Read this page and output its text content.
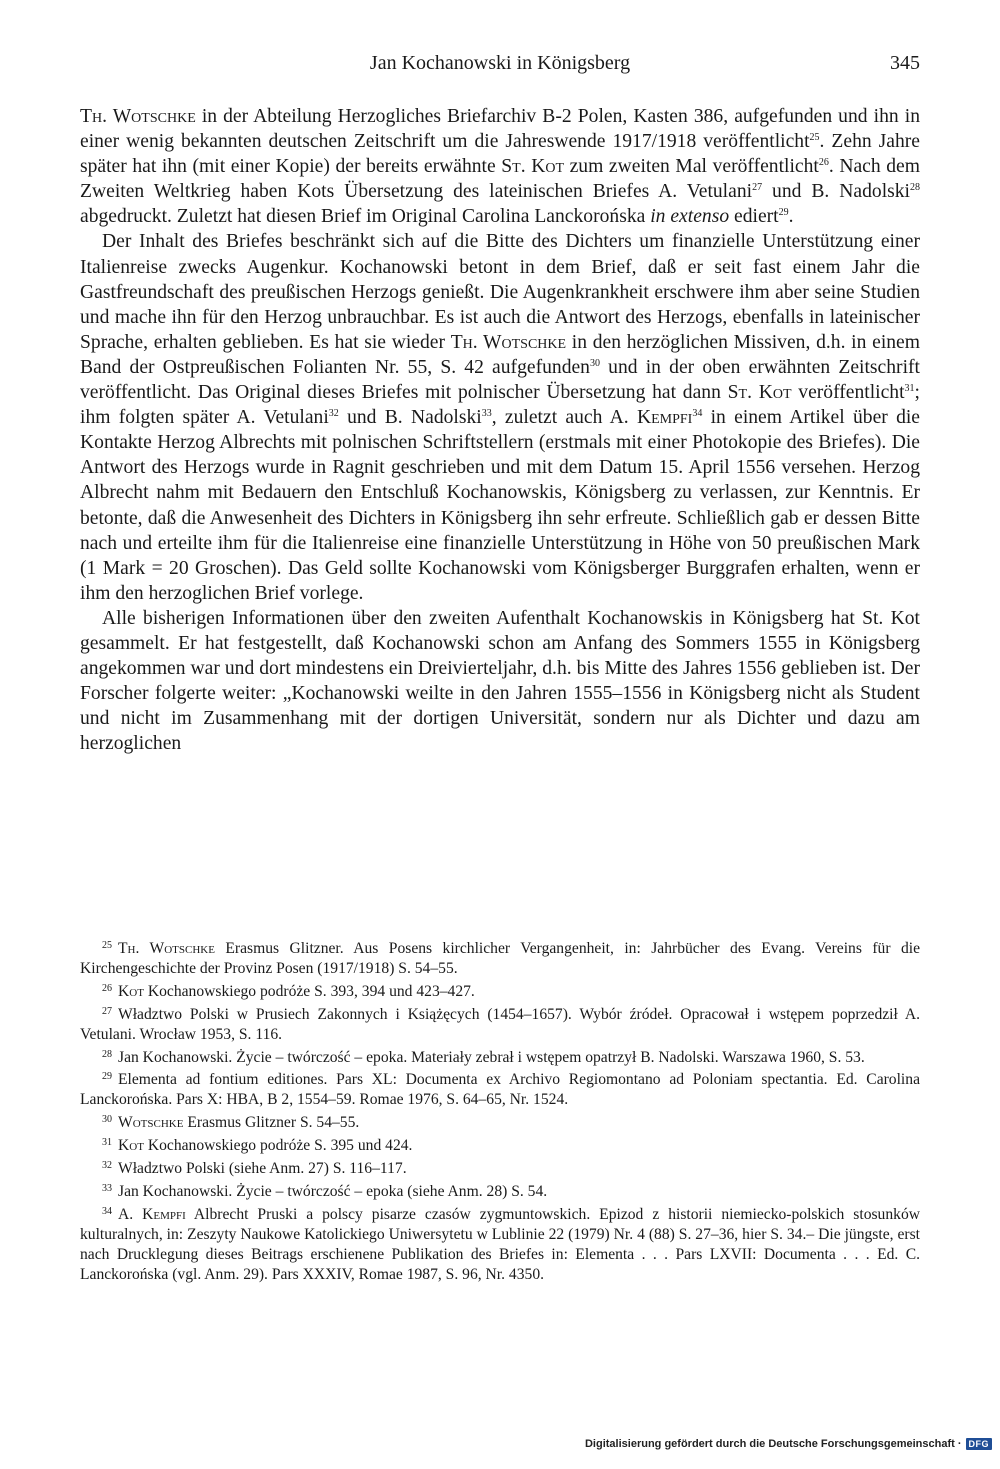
Jan Kochanowski in Königsberg	345

Th. Wotschke in der Abteilung Herzogliches Briefarchiv B-2 Polen, Kasten 386, aufgefunden und ihn in einer wenig bekannten deutschen Zeitschrift um die Jahreswende 1917/1918 veröffentlicht$^{25}$. Zehn Jahre später hat ihn (mit einer Kopie) der bereits erwähnte St. Kot zum zweiten Mal veröffentlicht$^{26}$. Nach dem Zweiten Weltkrieg haben Kots Übersetzung des lateinischen Briefes A. Vetulani$^{27}$ und B. Nadolski$^{28}$ abgedruckt. Zuletzt hat diesen Brief im Original Carolina Lanckorońska in extenso ediert$^{29}$.

Der Inhalt des Briefes beschränkt sich auf die Bitte des Dichters um finanzielle Unterstützung einer Italienreise zwecks Augenkur. Kochanowski betont in dem Brief, daß er seit fast einem Jahr die Gastfreundschaft des preußischen Herzogs genießt. Die Augenkrankheit erschwere ihm aber seine Studien und mache ihn für den Herzog unbrauchbar. Es ist auch die Antwort des Herzogs, ebenfalls in lateinischer Sprache, erhalten geblieben. Es hat sie wieder Th. Wotschke in den herzöglichen Missiven, d.h. in einem Band der Ostpreußischen Folianten Nr. 55, S. 42 aufgefunden$^{30}$ und in der oben erwähnten Zeitschrift veröffentlicht. Das Original dieses Briefes mit polnischer Übersetzung hat dann St. Kot veröffentlicht$^{31}$; ihm folgten später A. Vetulani$^{32}$ und B. Nadolski$^{33}$, zuletzt auch A. Kempfi$^{34}$ in einem Artikel über die Kontakte Herzog Albrechts mit polnischen Schriftstellern (erstmals mit einer Photokopie des Briefes). Die Antwort des Herzogs wurde in Ragnit geschrieben und mit dem Datum 15. April 1556 versehen. Herzog Albrecht nahm mit Bedauern den Entschluß Kochanowskis, Königsberg zu verlassen, zur Kenntnis. Er betonte, daß die Anwesenheit des Dichters in Königsberg ihn sehr erfreute. Schließlich gab er dessen Bitte nach und erteilte ihm für die Italienreise eine finanzielle Unterstützung in Höhe von 50 preußischen Mark (1 Mark = 20 Groschen). Das Geld sollte Kochanowski vom Königsberger Burggrafen erhalten, wenn er ihm den herzoglichen Brief vorlege.

Alle bisherigen Informationen über den zweiten Aufenthalt Kochanowskis in Königsberg hat St. Kot gesammelt. Er hat festgestellt, daß Kochanowski schon am Anfang des Sommers 1555 in Königsberg angekommen war und dort mindestens ein Dreivierteljahr, d.h. bis Mitte des Jahres 1556 geblieben ist. Der Forscher folgerte weiter: „Kochanowski weilte in den Jahren 1555–1556 in Königsberg nicht als Student und nicht im Zusammenhang mit der dortigen Universität, sondern nur als Dichter und dazu am herzoglichen

$^{25}$ Th. Wotschke Erasmus Glitzner. Aus Posens kirchlicher Vergangenheit, in: Jahrbücher des Evang. Vereins für die Kirchengeschichte der Provinz Posen (1917/1918) S. 54–55.

$^{26}$ Kot Kochanowskiego podróże S. 393, 394 und 423–427.

$^{27}$ Władztwo Polski w Prusiech Zakonnych i Książęcych (1454–1657). Wybór źródeł. Opracował i wstępem poprzedził A. Vetulani. Wrocław 1953, S. 116.

$^{28}$ Jan Kochanowski. Życie – twórczość – epoka. Materiały zebrał i wstępem opatrzył B. Nadolski. Warszawa 1960, S. 53.

$^{29}$ Elementa ad fontium editiones. Pars XL: Documenta ex Archivo Regiomontano ad Poloniam spectantia. Ed. Carolina Lanckorońska. Pars X: HBA, B 2, 1554–59. Romae 1976, S. 64–65, Nr. 1524.

$^{30}$ Wotschke Erasmus Glitzner S. 54–55.

$^{31}$ Kot Kochanowskiego podróże S. 395 und 424.

$^{32}$ Władztwo Polski (siehe Anm. 27) S. 116–117.

$^{33}$ Jan Kochanowski. Życie – twórczość – epoka (siehe Anm. 28) S. 54.

$^{34}$ A. Kempfi Albrecht Pruski a polscy pisarze czasów zygmuntowskich. Epizod z historii niemiecko-polskich stosunków kulturalnych, in: Zeszyty Naukowe Katolickiego Uniwersytetu w Lublinie 22 (1979) Nr. 4 (88) S. 27–36, hier S. 34.– Die jüngste, erst nach Drucklegung dieses Beitrags erschienene Publikation des Briefes in: Elementa . . . Pars LXVII: Documenta . . . Ed. C. Lanckorońska (vgl. Anm. 29). Pars XXXIV, Romae 1987, S. 96, Nr. 4350.

Digitalisierung gefördert durch die Deutsche Forschungsgemeinschaft · DFG
